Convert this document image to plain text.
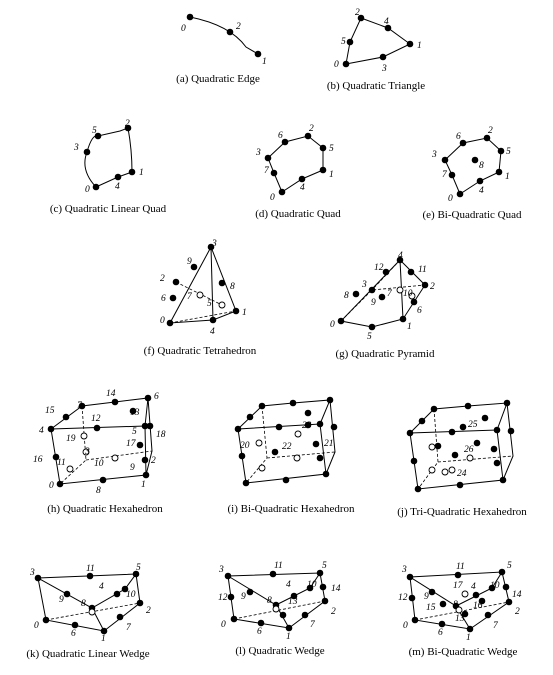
0	2
1
(a) Quadratic Edge
2
4
5	1
0	3
(b) Quadratic Triangle
3
5
2
1
4
0
(c) Quadratic Linear Quad
6
2
3	5
7	1
4
0
(d) Quadratic Quad
6
2
3
8
5
7	1
4
0
(e) Bi-Quadratic Quad
3
9
2
8
7
5
6
1
0
4
(f) Quadratic Tetrahedron
4
12	11
3
7 10
2
8
9
6
0
5
1
(g) Quadratic Pyramid
14	6
15 7
13
12
4	5 18
19	17
3
16 11	10	2
9
0	1
8
(h) Quadratic Hexahedron
23
20	22	21
(i) Bi-Quadratic Hexahedron
25
26
24
(j) Tri-Quadratic Hexahedron
11	5
3
4
10
9 8
2
0
6
7
1
(k) Quadratic Linear Wedge
11	5
3
4 10 14
12 9 8 13
2
0
6
7
1
(l) Quadratic Wedge
11	5
3
4 10
9
17
12
15	16
14
8
13
2
0
6
7
1
(m) Bi-Quadratic Wedge
